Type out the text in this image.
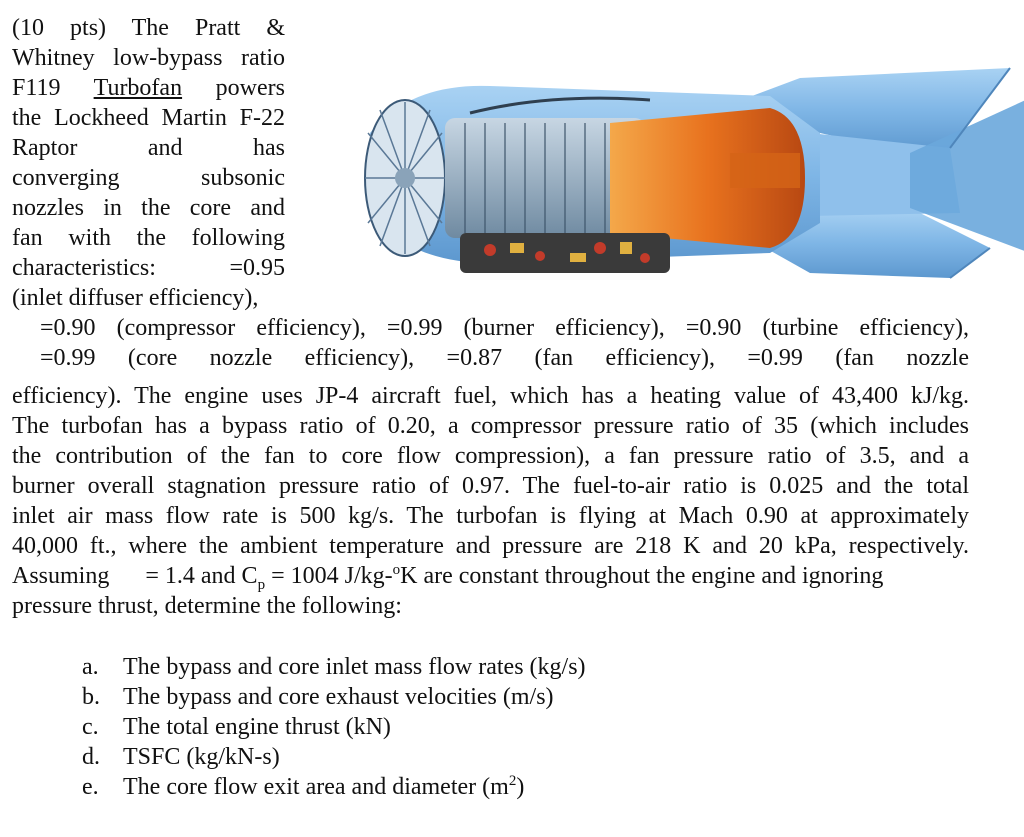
(10 pts) The Pratt &
Whitney low-bypass ratio
F119 Turbofan powers
the Lockheed Martin F-22
Raptor and has
converging subsonic
nozzles in the core and
fan with the following
characteristics: =0.95
(inlet diffuser efficiency),
=0.90 (compressor efficiency), =0.99 (burner efficiency), =0.90 (turbine efficiency),
=0.99 (core nozzle efficiency), =0.87 (fan efficiency), =0.99 (fan nozzle
efficiency). The engine uses JP-4 aircraft fuel, which has a heating value of 43,400 kJ/kg.
The turbofan has a bypass ratio of 0.20, a compressor pressure ratio of 35 (which includes
the contribution of the fan to core flow compression), a fan pressure ratio of 3.5, and a
burner overall stagnation pressure ratio of 0.97. The fuel-to-air ratio is 0.025 and the total
inlet air mass flow rate is 500 kg/s. The turbofan is flying at Mach 0.90 at approximately
40,000 ft., where the ambient temperature and pressure are 218 K and 20 kPa, respectively.
Assuming = 1.4 and $C_p = 1004$ J/kg-$^o$K are constant throughout the engine and ignoring
pressure thrust, determine the following:
a.	The bypass and core inlet mass flow rates (kg/s)
b. The bypass and core exhaust velocities (m/s)
c.	The total engine thrust (kN)
d. TSFC (kg/kN-s)
e.	The core flow exit area and diameter $(m^2)$
